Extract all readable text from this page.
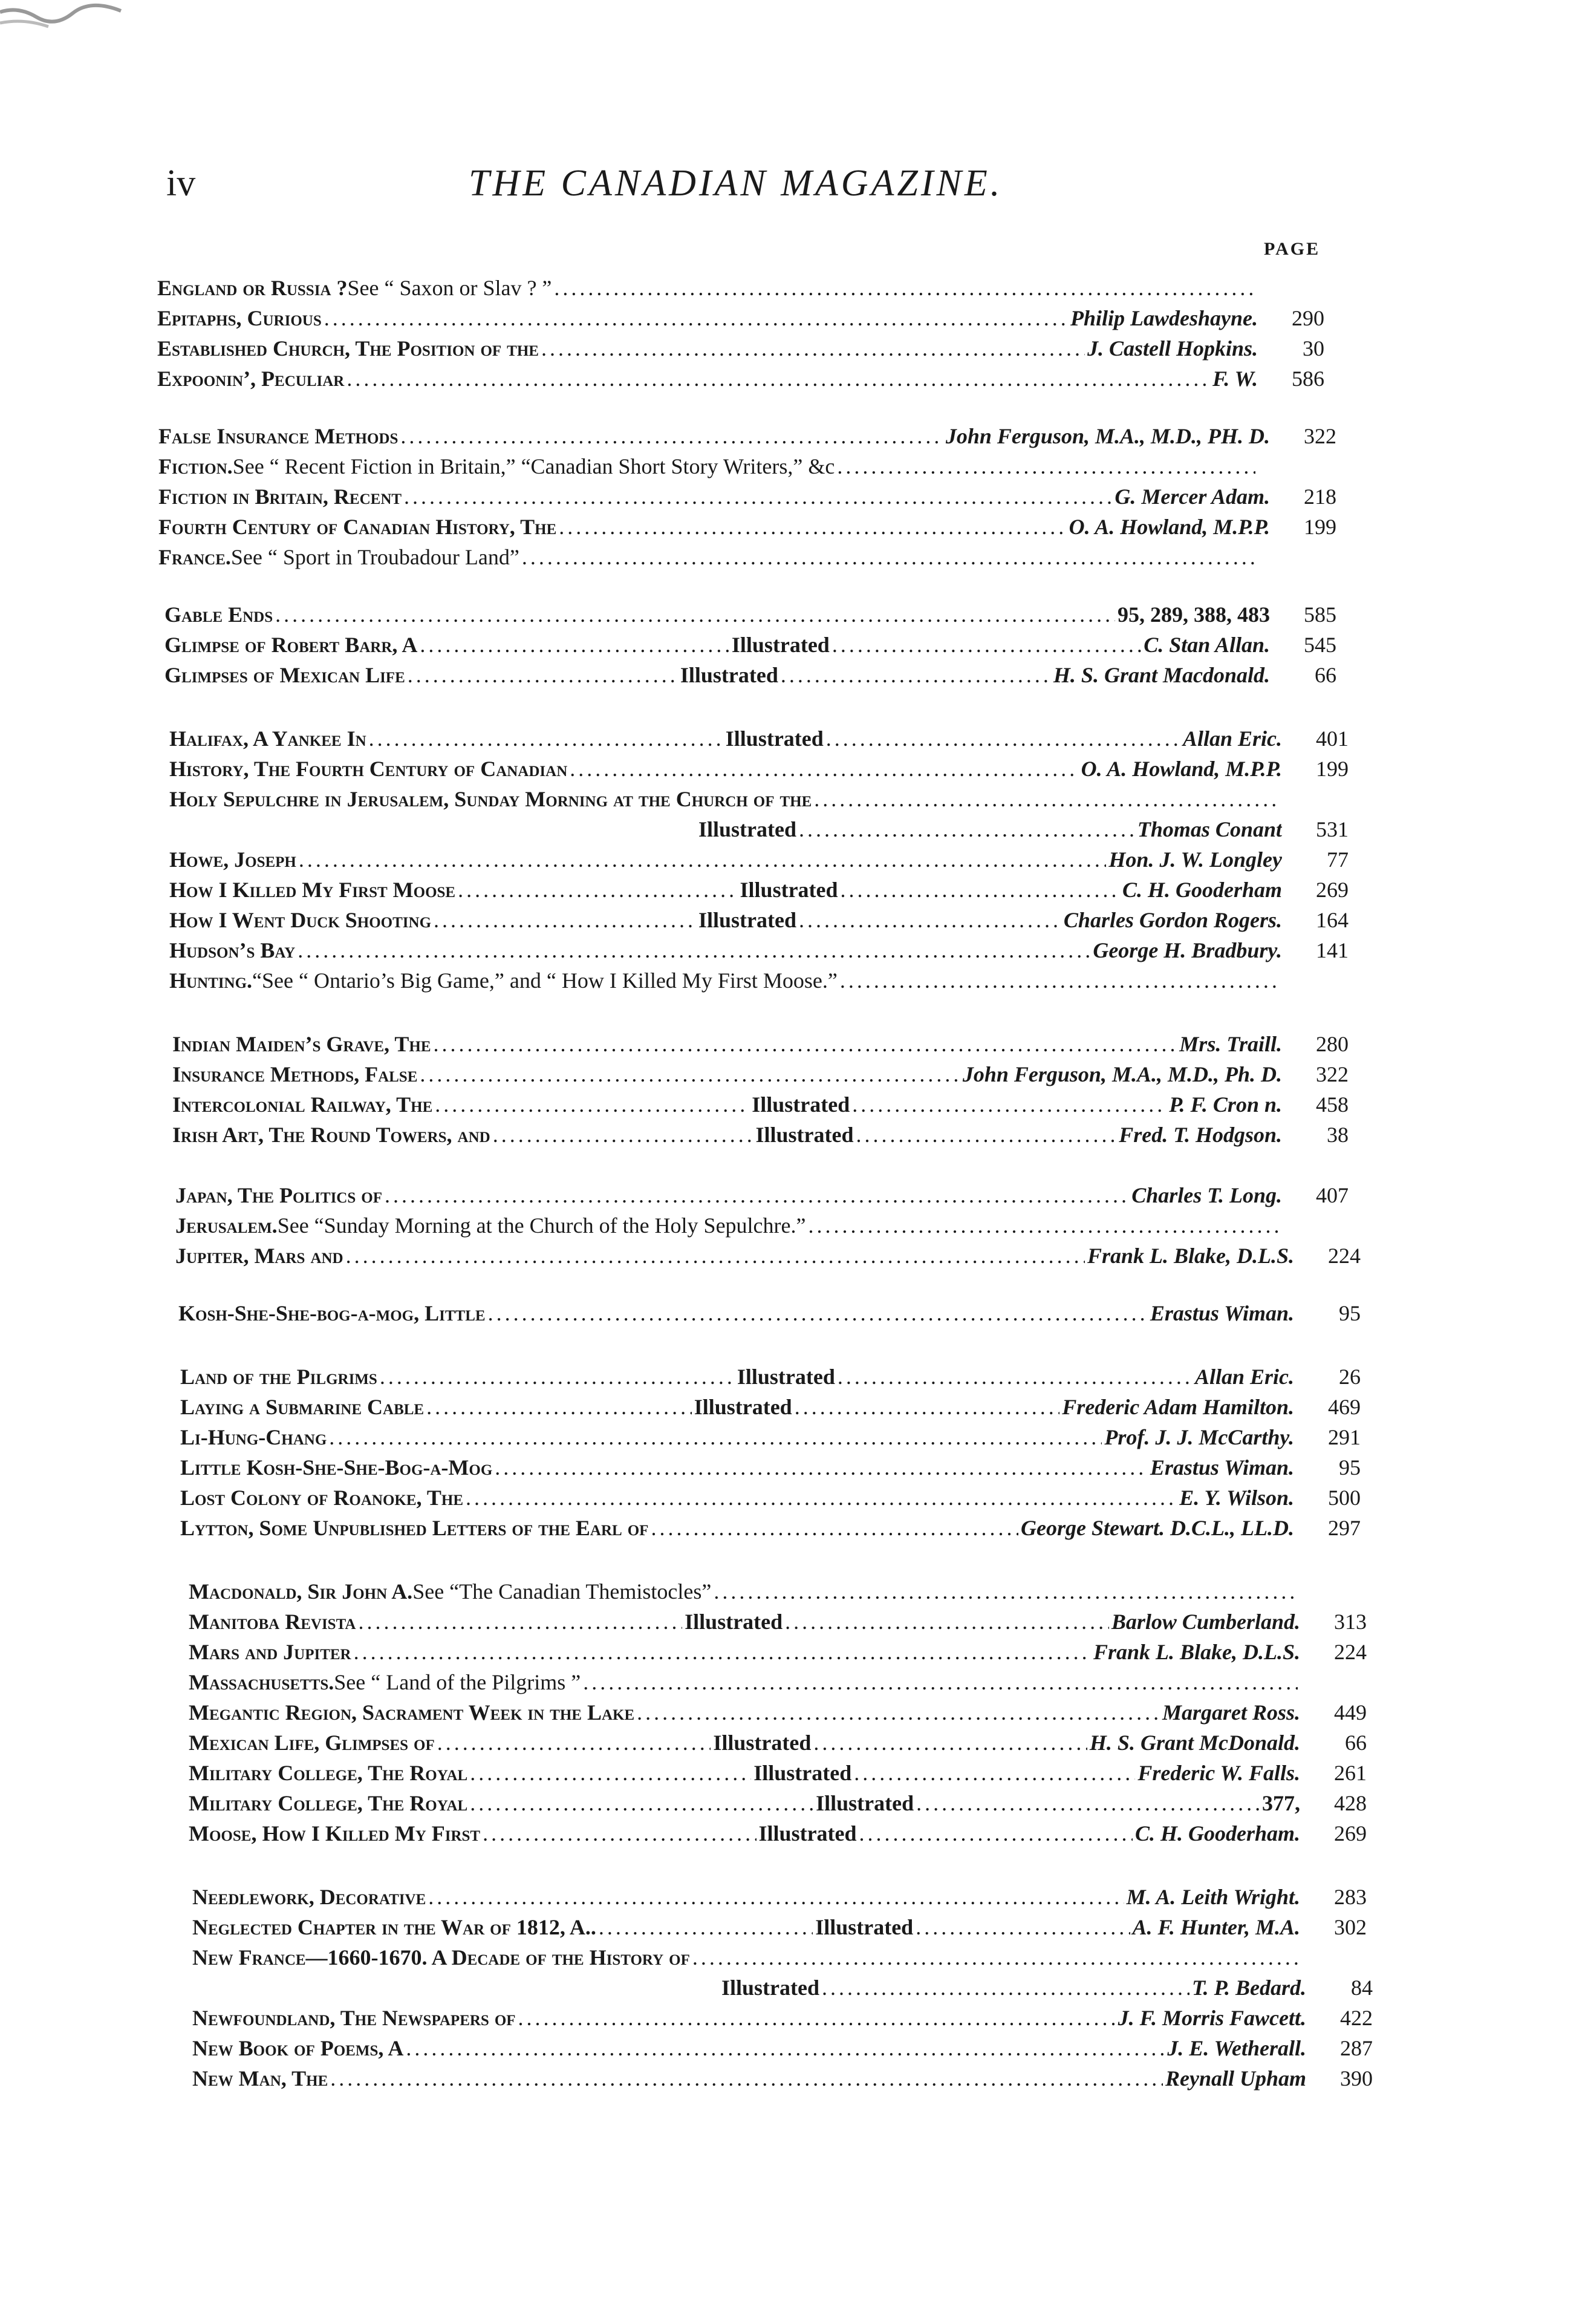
iv	THE CANADIAN MAGAZINE.
PAGE
England or Russia ? See “ Saxon or Slav ? ”
. . .
Epitaphs, Curious . . .	Philip Lawdeshayne.	290
Established Church, The Position of the . . .	J. Castell Hopkins.	30
Expoonin’, Peculiar . . .	F. W.	586
False Insurance Methods . . .	John Ferguson, M.A., M.D., PH. D.	322
Fiction. See “ Recent Fiction in Britain,” “Canadian Short Story Writers,” &c
. . .
Fiction in Britain, Recent . . .	G. Mercer Adam.	218
Fourth Century of Canadian History, The . . .	O. A. Howland, M.P.P.	199
France. See “ Sport in Troubadour Land”
. . .
Gable Ends . . .	95, 289, 388, 483	585
Glimpse of Robert Barr, A . . .	Illustrated . . .	C. Stan Allan.	545
Glimpses of Mexican Life . . .	Illustrated . . .	H. S. Grant Macdonald.	66
Halifax, A Yankee In . . .	Illustrated . . .	Allan Eric.	401
History, The Fourth Century of Canadian . . .	O. A. Howland, M.P.P.	199
Holy Sepulchre in Jerusalem, Sunday Morning at the Church of the
. . .
Illustrated . . .	Thomas Conant	531
Howe, Joseph . . .	Hon. J. W. Longley	77
How I Killed My First Moose . . .	Illustrated . . .	C. H. Gooderham	269
How I Went Duck Shooting . . .	Illustrated . . .	Charles Gordon Rogers.	164
Hudson’s Bay . . .	George H. Bradbury.	141
Hunting. “See “ Ontario’s Big Game,” and “ How I Killed My First Moose.”
. . .
Indian Maiden’s Grave, The . . .	Mrs. Traill.	280
Insurance Methods, False . . .	John Ferguson, M.A., M.D., Ph. D.	322
Intercolonial Railway, The . . .	Illustrated . . .	P. F. Cron n.	458
Irish Art, The Round Towers, and . . .	Illustrated . . .	Fred. T. Hodgson.	38
Japan, The Politics of . . .	Charles T. Long.	407
Jerusalem. See “Sunday Morning at the Church of the Holy Sepulchre.”
. . .
Jupiter, Mars and . . .	Frank L. Blake, D.L.S.	224
Kosh-She-She-bog-a-mog, Little . . .	Erastus Wiman.	95
Land of the Pilgrims . . .	Illustrated . . .	Allan Eric.	26
Laying a Submarine Cable . . .	Illustrated . . .	Frederic Adam Hamilton.	469
Li-Hung-Chang . . .	Prof. J. J. McCarthy.	291
Little Kosh-She-She-Bog-a-Mog . . .	Erastus Wiman.	95
Lost Colony of Roanoke, The . . .	E. Y. Wilson.	500
Lytton, Some Unpublished Letters of the Earl of . . .	George Stewart. D.C.L., LL.D.	297
Macdonald, Sir John A. See “The Canadian Themistocles”
. . .
Manitoba Revista . . .	Illustrated . . .	Barlow Cumberland.	313
Mars and Jupiter . . .	Frank L. Blake, D.L.S.	224
Massachusetts. See “ Land of the Pilgrims ”
. . .
Megantic Region, Sacrament Week in the Lake . . .	Margaret Ross.	449
Mexican Life, Glimpses of . . .	Illustrated . . .	H. S. Grant McDonald.	66
Military College, The Royal . . .	Illustrated . . .	Frederic W. Falls.	261
Military College, The Royal . . .	Illustrated . . .	377,	428
Moose, How I Killed My First . . .	Illustrated . . .	C. H. Gooderham.	269
Needlework, Decorative . . .	M. A. Leith Wright.	283
Neglected Chapter in the War of 1812, A.. . . .	Illustrated . . .	A. F. Hunter, M.A.	302
New France—1660-1670. A Decade of the History of
. . .
Illustrated . . .	T. P. Bedard.	84
Newfoundland, The Newspapers of . . .	J. F. Morris Fawcett.	422
New Book of Poems, A . . .	J. E. Wetherall.	287
New Man, The . . .	Reynall Upham	390
